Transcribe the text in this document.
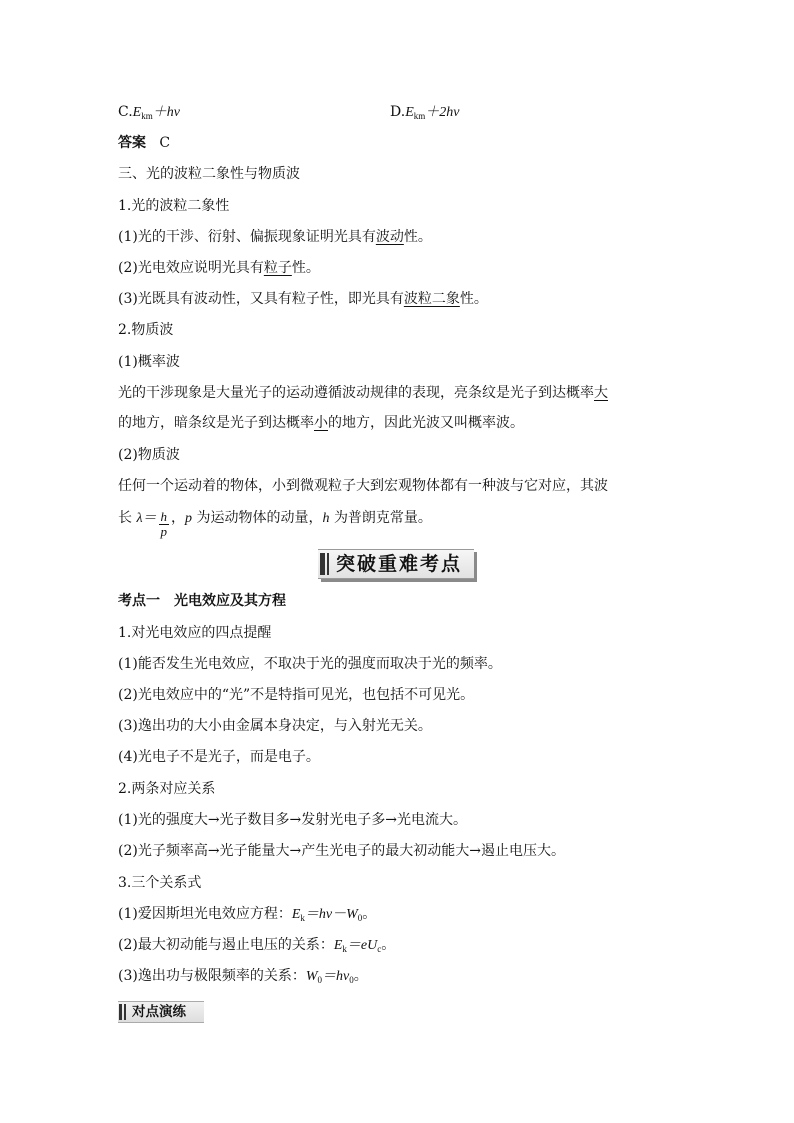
$C.E_{km}+h\nu$	$D.E_{km}+2h\nu$
答案 C
三、光的波粒二象性与物质波
1.光的波粒二象性
(1)光的干涉、衍射、偏振现象证明光具有波动性。
(2)光电效应说明光具有粒子性。
(3)光既具有波动性，又具有粒子性，即光具有波粒二象性。
2.物质波
(1)概率波
光的干涉现象是大量光子的运动遵循波动规律的表现，亮条纹是光子到达概率大
的地方，暗条纹是光子到达概率小的地方，因此光波又叫概率波。
(2)物质波
任何一个运动着的物体，小到微观粒子大到宏观物体都有一种波与它对应，其波
长 $\lambda= \frac{h}{p}$ ，p 为运动物体的动量，h 为普朗克常量。
突破重难考点
考点一　光电效应及其方程
1.对光电效应的四点提醒
(1)能否发生光电效应，不取决于光的强度而取决于光的频率。
(2)光电效应中的“光”不是特指可见光，也包括不可见光。
(3)逸出功的大小由金属本身决定，与入射光无关。
(4)光电子不是光子，而是电子。
2.两条对应关系
(1)光的强度大→光子数目多→发射光电子多→光电流大。
(2)光子频率高→光子能量大→产生光电子的最大初动能大→遏止电压大。
3.三个关系式
(1)爱因斯坦光电效应方程：$E_k=h\nu-W_0$。
(2)最大初动能与遏止电压的关系：$E_k=eU_c$。
(3)逸出功与极限频率的关系：$W_0=h\nu_0$。
对点演练
